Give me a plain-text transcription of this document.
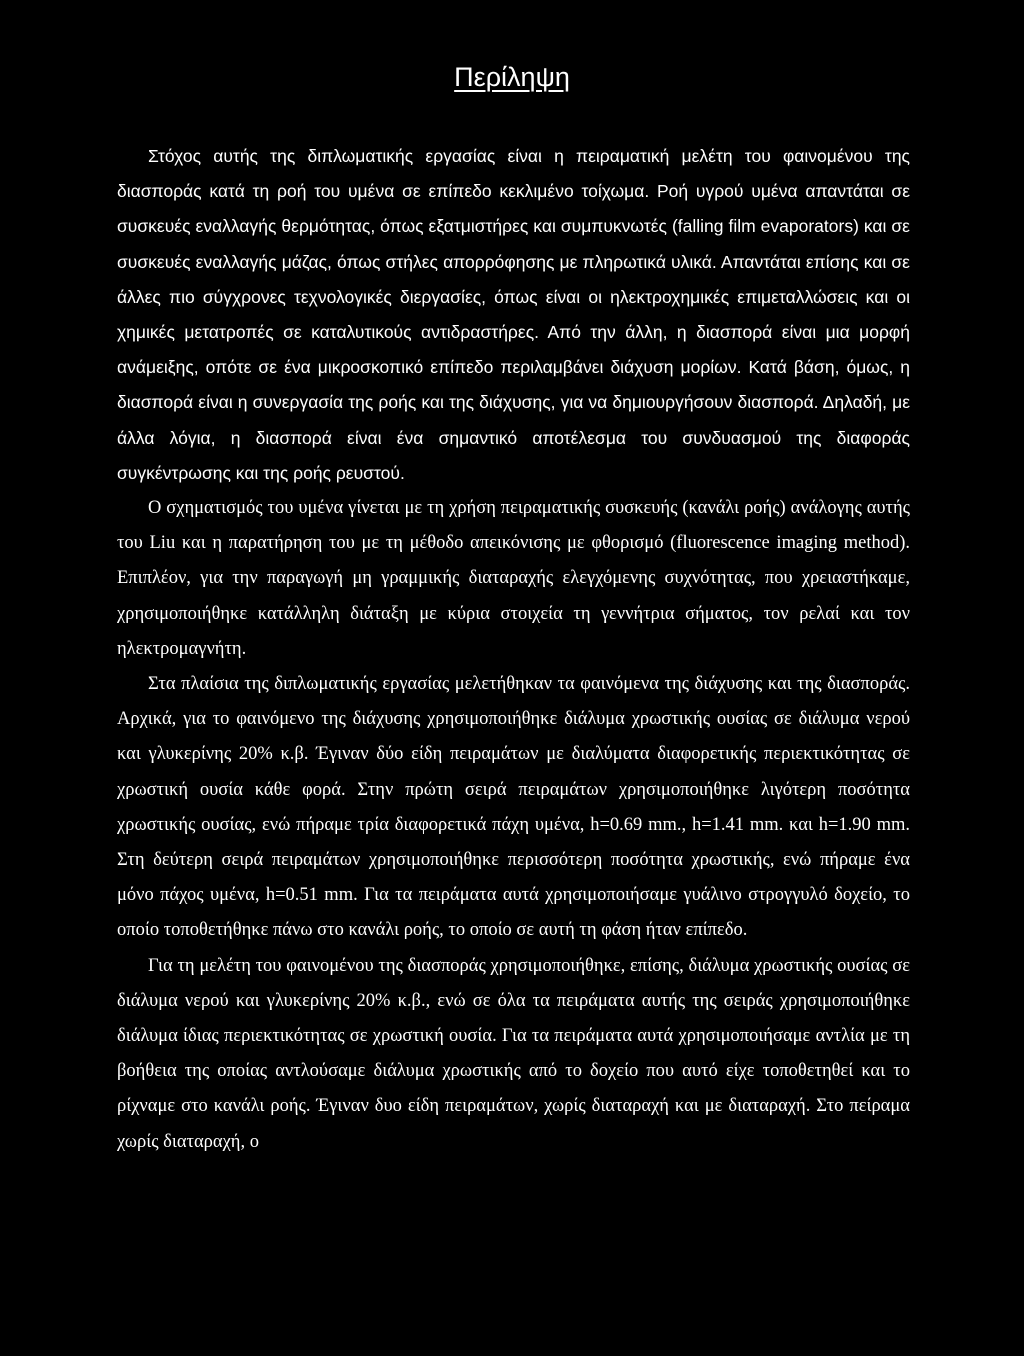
Περίληψη

Στόχος αυτής της διπλωματικής εργασίας είναι η πειραματική μελέτη του φαινομένου της διασποράς κατά τη ροή του υμένα σε επίπεδο κεκλιμένο τοίχωμα. Ροή υγρού υμένα απαντάται σε συσκευές εναλλαγής θερμότητας, όπως εξατμιστήρες και συμπυκνωτές (falling film evaporators) και σε συσκευές εναλλαγής μάζας, όπως στήλες απορρόφησης με πληρωτικά υλικά. Απαντάται επίσης και σε άλλες πιο σύγχρονες τεχνολογικές διεργασίες, όπως είναι οι ηλεκτροχημικές επιμεταλλώσεις και οι χημικές μετατροπές σε καταλυτικούς αντιδραστήρες. Από την άλλη, η διασπορά είναι μια μορφή ανάμειξης, οπότε σε ένα μικροσκοπικό επίπεδο περιλαμβάνει διάχυση μορίων. Κατά βάση, όμως, η διασπορά είναι η συνεργασία της ροής και της διάχυσης, για να δημιουργήσουν διασπορά. Δηλαδή, με άλλα λόγια, η διασπορά είναι ένα σημαντικό αποτέλεσμα του συνδυασμού της διαφοράς συγκέντρωσης και της ροής ρευστού.

Ο σχηματισμός του υμένα γίνεται με τη χρήση πειραματικής συσκευής (κανάλι ροής) ανάλογης αυτής του Liu και η παρατήρηση του με τη μέθοδο απεικόνισης με φθορισμό (fluorescence imaging method). Επιπλέον, για την παραγωγή μη γραμμικής διαταραχής ελεγχόμενης συχνότητας, που χρειαστήκαμε, χρησιμοποιήθηκε κατάλληλη διάταξη με κύρια στοιχεία τη γεννήτρια σήματος, τον ρελαί και τον ηλεκτρομαγνήτη.

Στα πλαίσια της διπλωματικής εργασίας μελετήθηκαν τα φαινόμενα της διάχυσης και της διασποράς. Αρχικά, για το φαινόμενο της διάχυσης χρησιμοποιήθηκε διάλυμα χρωστικής ουσίας σε διάλυμα νερού και γλυκερίνης 20% κ.β. Έγιναν δύο είδη πειραμάτων με διαλύματα διαφορετικής περιεκτικότητας σε χρωστική ουσία κάθε φορά. Στην πρώτη σειρά πειραμάτων χρησιμοποιήθηκε λιγότερη ποσότητα χρωστικής ουσίας, ενώ πήραμε τρία διαφορετικά πάχη υμένα, h=0.69 mm., h=1.41 mm. και h=1.90 mm. Στη δεύτερη σειρά πειραμάτων χρησιμοποιήθηκε περισσότερη ποσότητα χρωστικής, ενώ πήραμε ένα μόνο πάχος υμένα, h=0.51 mm. Για τα πειράματα αυτά χρησιμοποιήσαμε γυάλινο στρογγυλό δοχείο, το οποίο τοποθετήθηκε πάνω στο κανάλι ροής, το οποίο σε αυτή τη φάση ήταν επίπεδο.

Για τη μελέτη του φαινομένου της διασποράς χρησιμοποιήθηκε, επίσης, διάλυμα χρωστικής ουσίας σε διάλυμα νερού και γλυκερίνης 20% κ.β., ενώ σε όλα τα πειράματα αυτής της σειράς χρησιμοποιήθηκε διάλυμα ίδιας περιεκτικότητας σε χρωστική ουσία. Για τα πειράματα αυτά χρησιμοποιήσαμε αντλία με τη βοήθεια της οποίας αντλούσαμε διάλυμα χρωστικής από το δοχείο που αυτό είχε τοποθετηθεί και το ρίχναμε στο κανάλι ροής. Έγιναν δυο είδη πειραμάτων, χωρίς διαταραχή και με διαταραχή. Στο πείραμα χωρίς διαταραχή, ο
